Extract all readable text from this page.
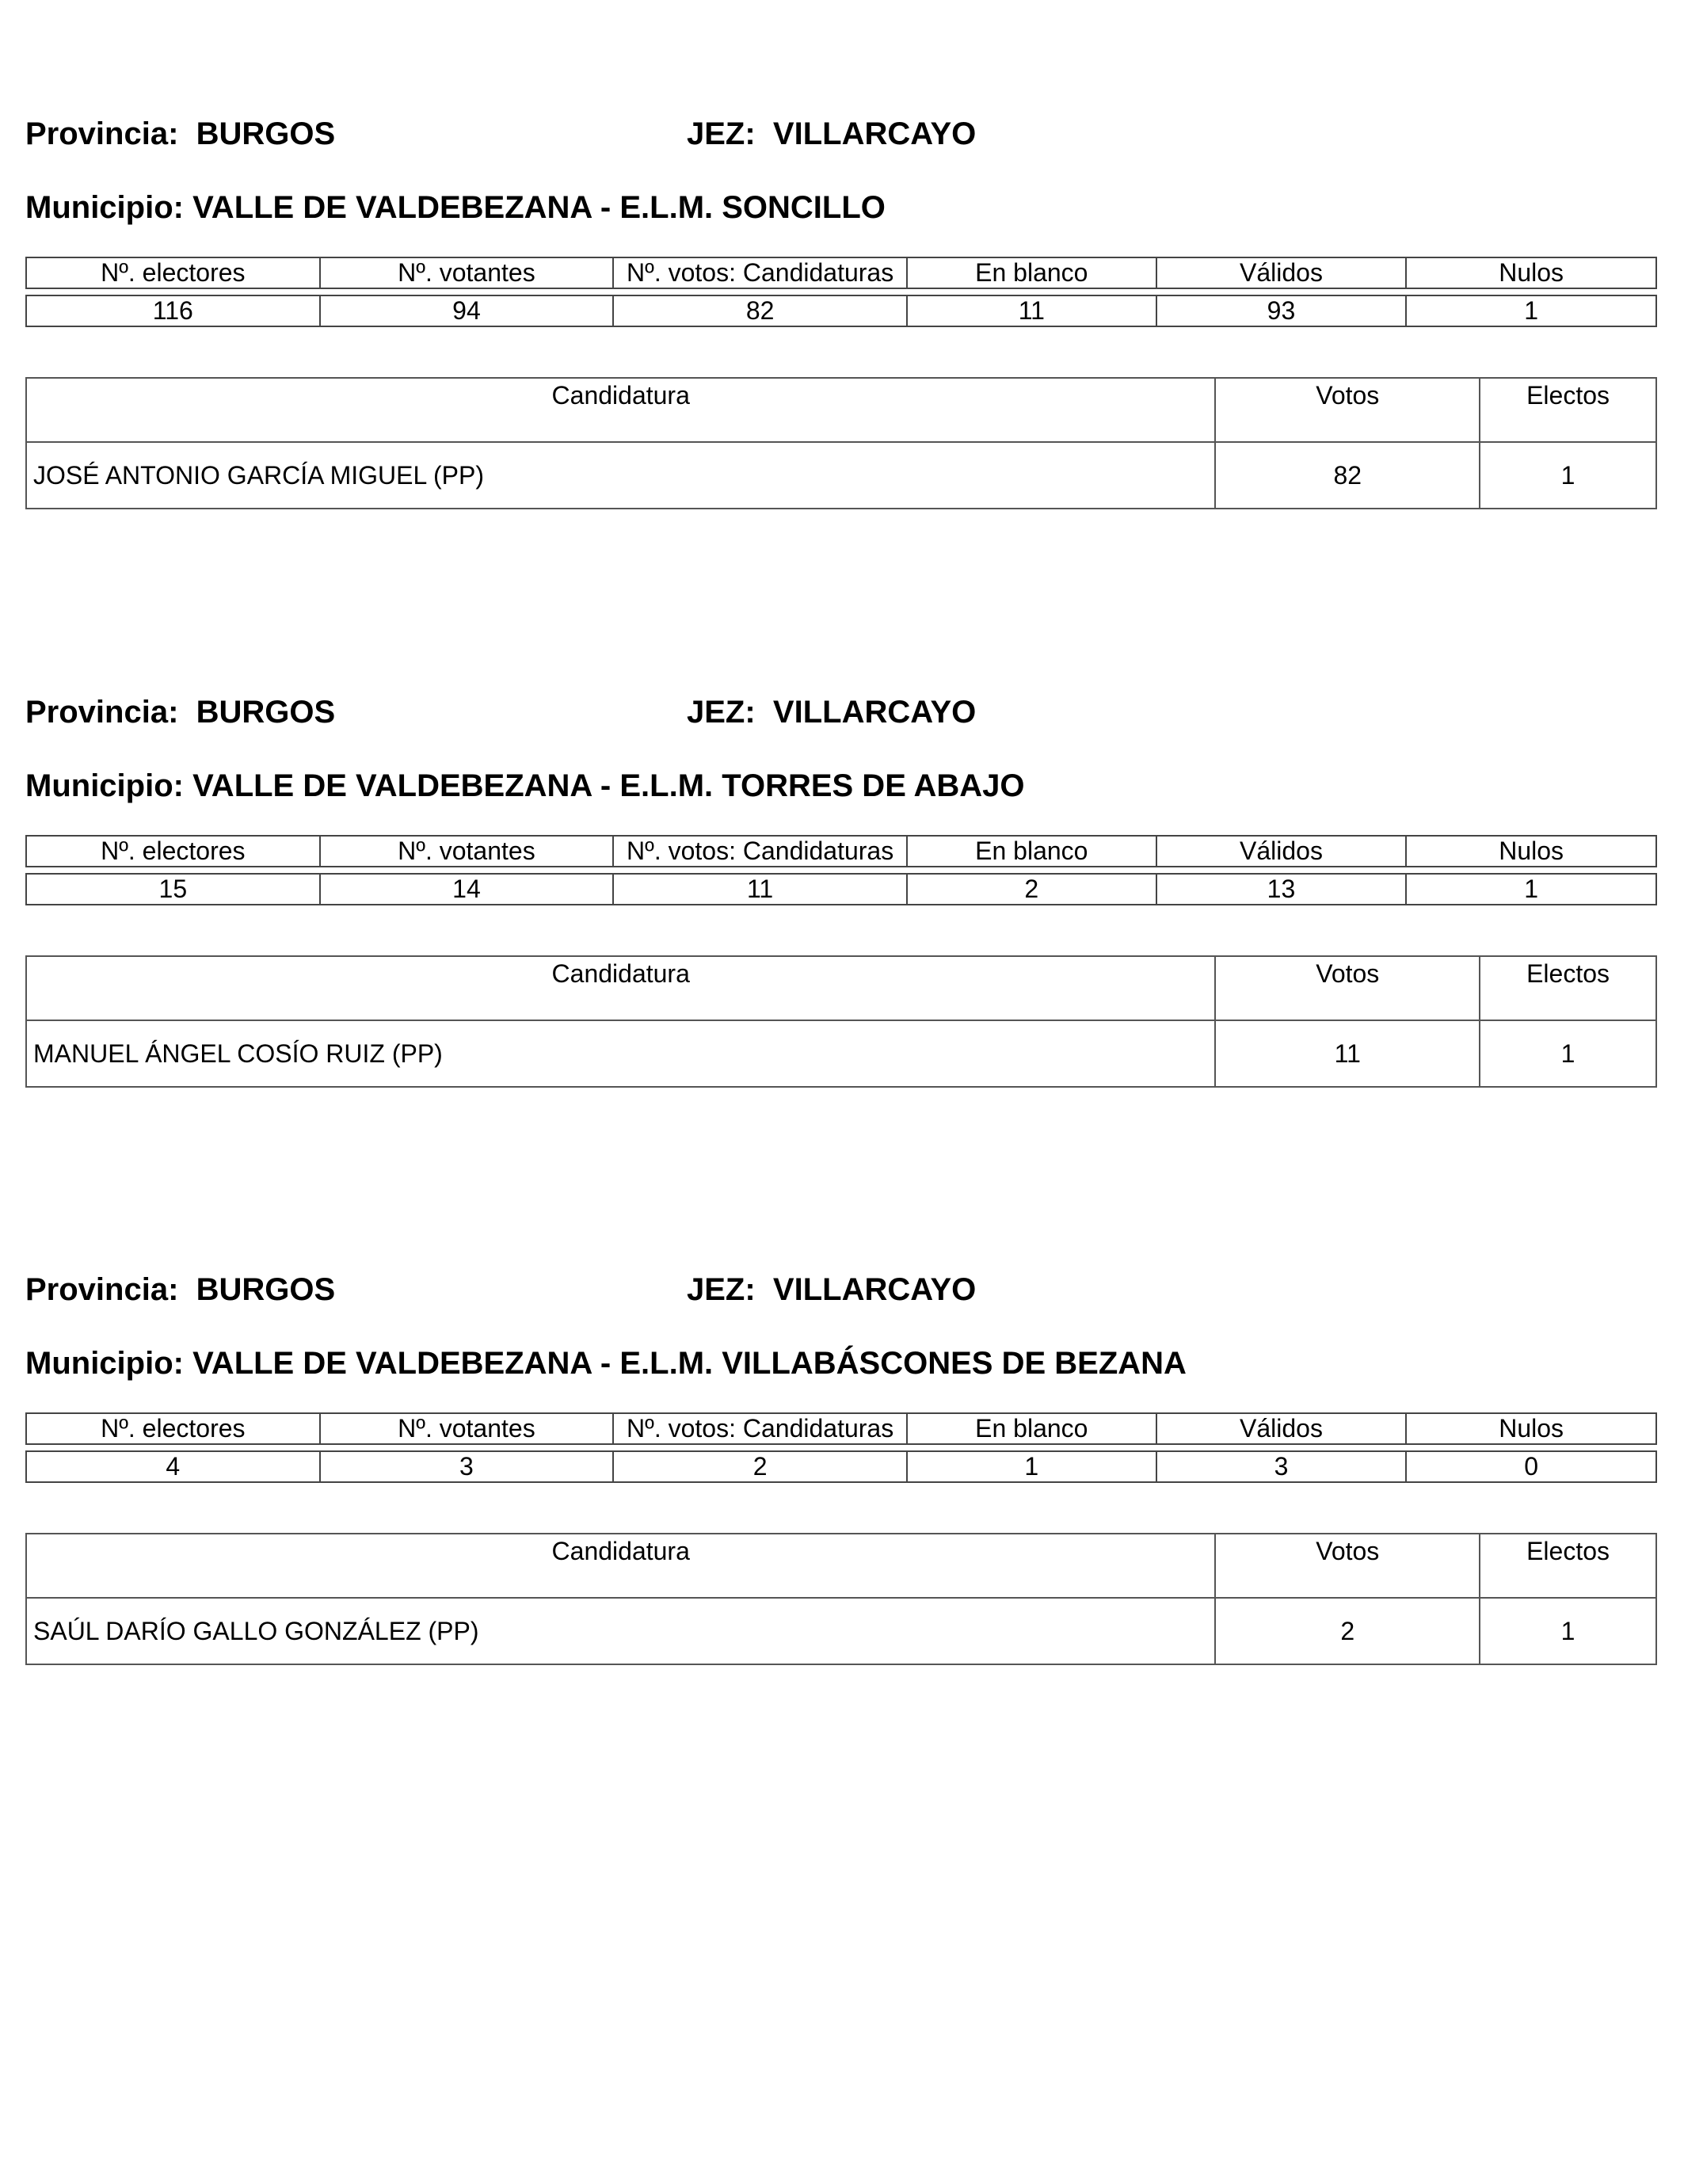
Provincia: BURGOS	JEZ: VILLARCAYO
Municipio: VALLE DE VALDEBEZANA - E.L.M. SONCILLO
Nº. electores	Nº. votantes	Nº. votos: Candidaturas	En blanco	Válidos	Nulos

116	94	82	11	93	1
Candidatura	Votos	Electos
JOSÉ ANTONIO GARCÍA MIGUEL (PP)	82	1
Provincia: BURGOS	JEZ: VILLARCAYO
Municipio: VALLE DE VALDEBEZANA - E.L.M. TORRES DE ABAJO
Nº. electores	Nº. votantes	Nº. votos: Candidaturas	En blanco	Válidos	Nulos

15	14	11	2	13	1
Candidatura	Votos	Electos
MANUEL ÁNGEL COSÍO RUIZ (PP)	11	1
Provincia: BURGOS	JEZ: VILLARCAYO
Municipio: VALLE DE VALDEBEZANA - E.L.M. VILLABÁSCONES DE BEZANA
Nº. electores	Nº. votantes	Nº. votos: Candidaturas	En blanco	Válidos	Nulos

4	3	2	1	3	0
Candidatura	Votos	Electos
SAÚL DARÍO GALLO GONZÁLEZ (PP)	2	1
